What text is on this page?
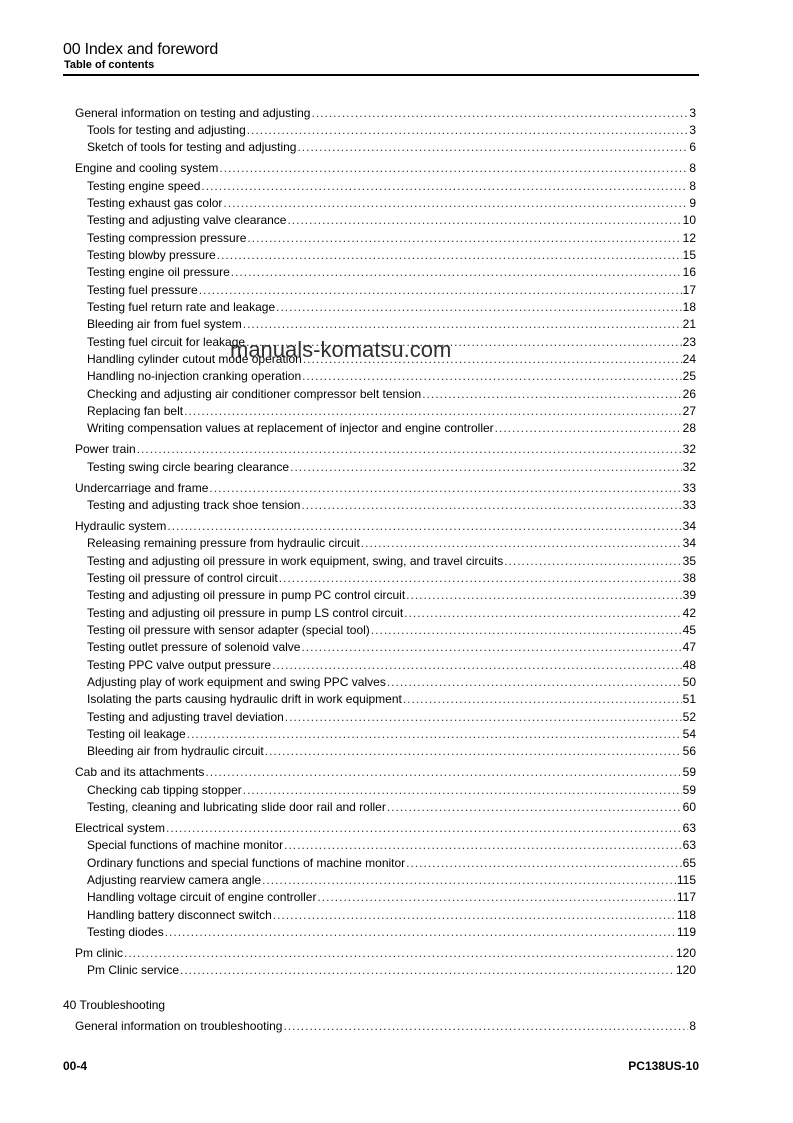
00 Index and foreword
Table of contents
General information on testing and adjusting .....	3
Tools for testing and adjusting .....	3
Sketch of tools for testing and adjusting .....	6
Engine and cooling system .....	8
Testing engine speed .....	8
Testing exhaust gas color .....	9
Testing and adjusting valve clearance .....	10
Testing compression pressure .....	12
Testing blowby pressure .....	15
Testing engine oil pressure .....	16
Testing fuel pressure .....	17
Testing fuel return rate and leakage .....	18
Bleeding air from fuel system .....	21
Testing fuel circuit for leakage .....	23
Handling cylinder cutout mode operation .....	24
Handling no-injection cranking operation .....	25
Checking and adjusting air conditioner compressor belt tension .....	26
Replacing fan belt .....	27
Writing compensation values at replacement of injector and engine controller .....	28
Power train .....	32
Testing swing circle bearing clearance .....	32
Undercarriage and frame .....	33
Testing and adjusting track shoe tension .....	33
Hydraulic system .....	34
Releasing remaining pressure from hydraulic circuit .....	34
Testing and adjusting oil pressure in work equipment, swing, and travel circuits .....	35
Testing oil pressure of control circuit .....	38
Testing and adjusting oil pressure in pump PC control circuit .....	39
Testing and adjusting oil pressure in pump LS control circuit .....	42
Testing oil pressure with sensor adapter (special tool) .....	45
Testing outlet pressure of solenoid valve .....	47
Testing PPC valve output pressure .....	48
Adjusting play of work equipment and swing PPC valves .....	50
Isolating the parts causing hydraulic drift in work equipment .....	51
Testing and adjusting travel deviation .....	52
Testing oil leakage .....	54
Bleeding air from hydraulic circuit .....	56
Cab and its attachments .....	59
Checking cab tipping stopper .....	59
Testing, cleaning and lubricating slide door rail and roller .....	60
Electrical system .....	63
Special functions of machine monitor .....	63
Ordinary functions and special functions of machine monitor .....	65
Adjusting rearview camera angle .....	115
Handling voltage circuit of engine controller .....	117
Handling battery disconnect switch .....	118
Testing diodes .....	119
Pm clinic .....	120
Pm Clinic service .....	120
40 Troubleshooting
General information on troubleshooting .....	8
manuals-komatsu.com
00-4	PC138US-10
